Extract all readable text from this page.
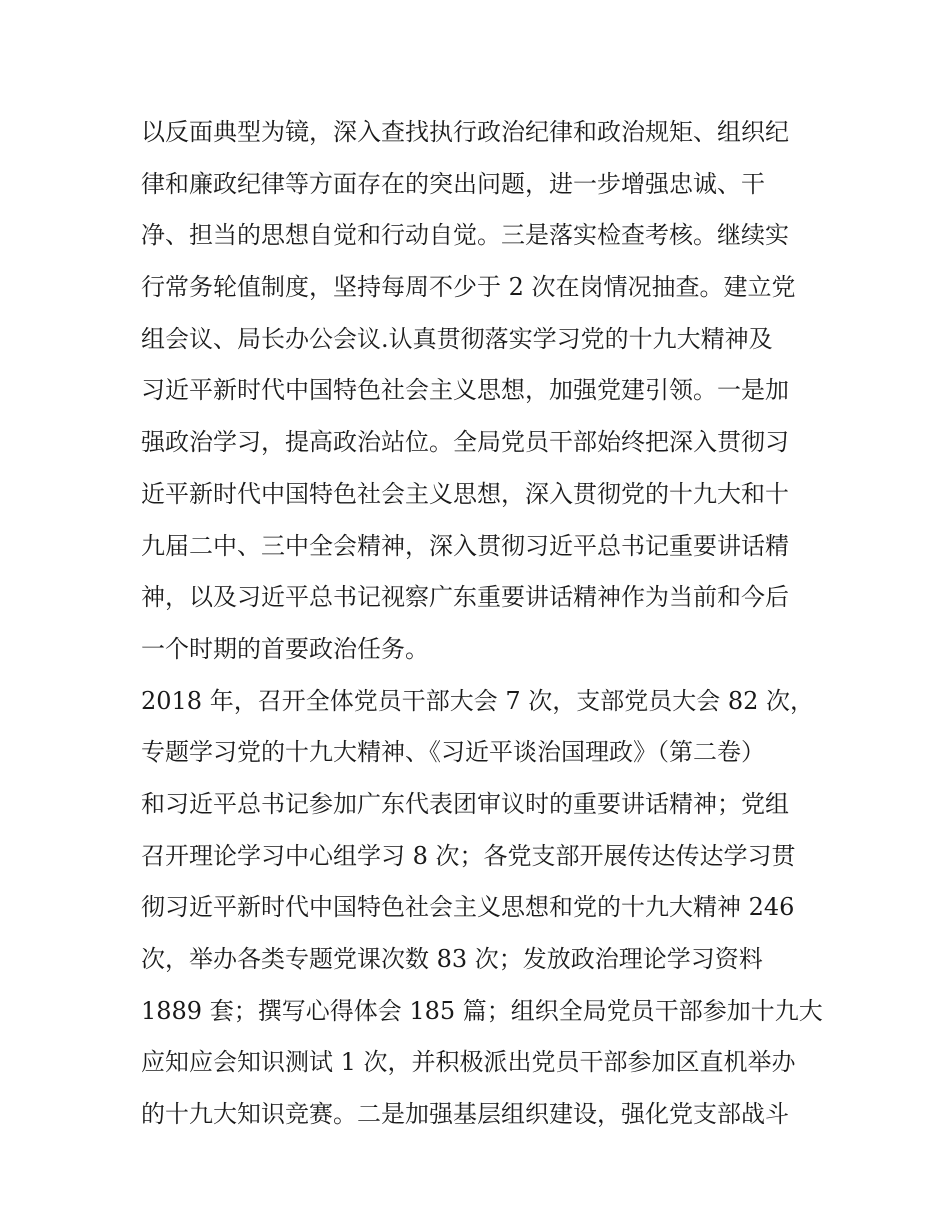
以反面典型为镜，深入查找执行政治纪律和政治规矩、组织纪
律和廉政纪律等方面存在的突出问题，进一步增强忠诚、干
净、担当的思想自觉和行动自觉。三是落实检查考核。继续实
行常务轮值制度，坚持每周不少于 2 次在岗情况抽查。建立党
组会议、局长办公会议.认真贯彻落实学习党的十九大精神及
习近平新时代中国特色社会主义思想，加强党建引领。一是加
强政治学习，提高政治站位。全局党员干部始终把深入贯彻习
近平新时代中国特色社会主义思想，深入贯彻党的十九大和十
九届二中、三中全会精神，深入贯彻习近平总书记重要讲话精
神，以及习近平总书记视察广东重要讲话精神作为当前和今后
一个时期的首要政治任务。
2018 年，召开全体党员干部大会 7 次，支部党员大会 82 次，
专题学习党的十九大精神、《习近平谈治国理政》（第二卷）
和习近平总书记参加广东代表团审议时的重要讲话精神；党组
召开理论学习中心组学习 8 次；各党支部开展传达传达学习贯
彻习近平新时代中国特色社会主义思想和党的十九大精神 246
次，举办各类专题党课次数 83 次；发放政治理论学习资料
1889 套；撰写心得体会 185 篇；组织全局党员干部参加十九大
应知应会知识测试 1 次，并积极派出党员干部参加区直机举办
的十九大知识竞赛。二是加强基层组织建设，强化党支部战斗
